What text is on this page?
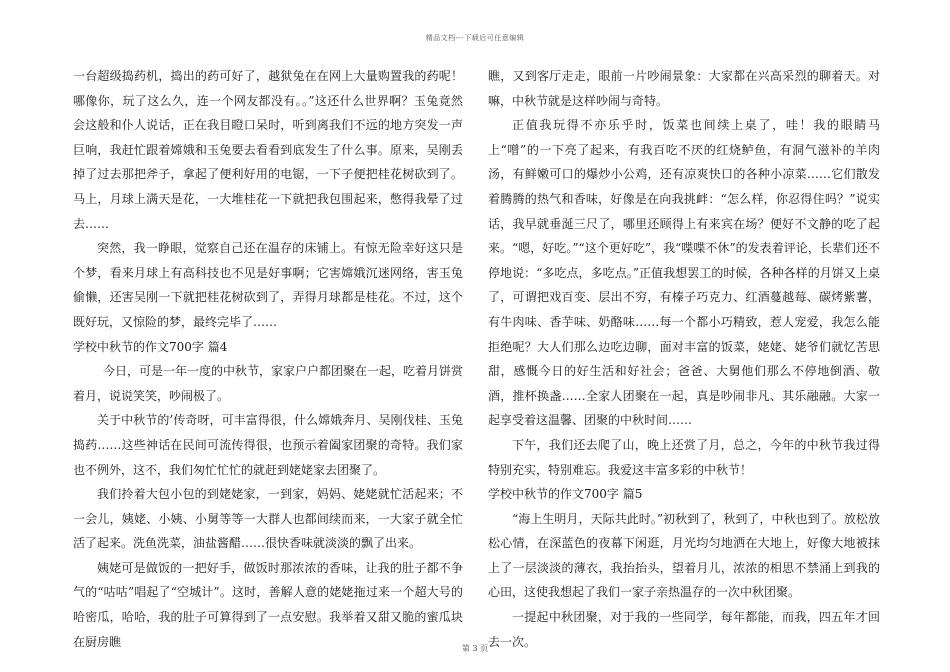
精品文档---下载后可任意编辑

一台超级捣药机，捣出的药可好了，越狱兔在在网上大量购置我的药呢！哪像你，玩了这么久，连一个网友都没有。。”这还什么世界啊？玉兔竟然会这般和仆人说话，正在我目瞪口呆时，听到离我们不远的地方突发一声巨响，我赶忙跟着嫦娥和玉兔要去看看到底发生了什么事。原来，吴刚丢掉了过去那把斧子，拿起了便利好用的电锯，一下子便把桂花树砍到了。马上，月球上满天是花，一大堆桂花一下就把我包围起来，憋得我晕了过去……

突然，我一睁眼，觉察自己还在温存的床铺上。有惊无险幸好这只是个梦，看来月球上有高科技也不见是好事啊；它害嫦娥沉迷网络，害玉兔偷懒，还害吴刚一下就把桂花树砍到了，弄得月球都是桂花。不过，这个既好玩，又惊险的梦，最终完毕了……

学校中秋节的作文700字 篇4

今日，可是一年一度的中秋节，家家户户都团聚在一起，吃着月饼赏着月，说说笑笑，吵闹极了。

关于中秋节的’传奇呀，可丰富得很，什么嫦娥奔月、吴刚伐桂、玉兔捣药……这些神话在民间可流传得很，也预示着阖家团聚的奇特。我们家也不例外，这不，我们匆忙忙忙的就赶到姥姥家去团聚了。

我们拎着大包小包的到姥姥家，一到家，妈妈、姥姥就忙活起来；不一会儿，姨姥、小姨、小舅等等一大群人也都间续而来，一大家子就全忙活了起来。洗鱼洗菜，油盐酱醋……很快香味就淡淡的飘了出来。

姨姥可是做饭的一把好手，做饭时那浓浓的香味，让我的肚子都不争气的“咕咕”唱起了“空城计”。这时，善解人意的姥姥拖过来一个超大号的哈密瓜，哈哈，我的肚子可算得到了一点安慰。我举着又甜又脆的蜜瓜块在厨房瞧

瞧，又到客厅走走，眼前一片吵闹景象：大家都在兴高采烈的聊着天。对嘛，中秋节就是这样吵闹与奇特。

正值我玩得不亦乐乎时，饭菜也间续上桌了，哇！我的眼睛马上“噌”的一下亮了起来，有我百吃不厌的红烧鲈鱼，有洞气滋补的羊肉汤，有鲜嫩可口的爆炒小公鸡，还有凉爽快口的各种小凉菜……它们散发着腾腾的热气和香味，好像是在向我挑衅：“怎么样，你忍得住吗？”说实话，我早就垂涎三尺了，哪里还顾得上有来宾在场？便好不文静的吃了起来。“嗯，好吃。”“这个更好吃”，我“喋喋不休”的发表着评论，长辈们还不停地说：“多吃点，多吃点。”正值我想罢工的时候，各种各样的月饼又上桌了，可谓把戏百变、层出不穷，有榛子巧克力、红酒蔓越莓、碳烤紫薯，有牛肉味、香芋味、奶酪味……每一个都小巧精致，惹人宠爱，我怎么能拒绝呢？大人们那么边吃边聊，面对丰富的饭菜，姥姥、姥爷们就忆苦思甜，感慨今日的好生活和好社会；爸爸、大舅他们那么不停地倒酒、敬酒，推杯换盏……全家人团聚在一起，真是吵闹非凡、其乐融融。大家一起享受着这温馨、团聚的中秋时间……

下午，我们还去爬了山，晚上还赏了月，总之，今年的中秋节我过得特别充实，特别难忘。我爱这丰富多彩的中秋节！

学校中秋节的作文700字 篇5

“海上生明月，天际共此时。”初秋到了，秋到了，中秋也到了。放松放松心情，在深蓝色的夜幕下闲逛，月光均匀地洒在大地上，好像大地被抹上了一层淡淡的薄衣，我抬抬头，望着月儿，浓浓的相思不禁涌上到我的心田，这使我想起了我们一家子亲热温存的一次中秋团聚。

一提起中秋团聚，对于我的一些同学，每年都能，而我，四五年才回去一次。

第 3 页
